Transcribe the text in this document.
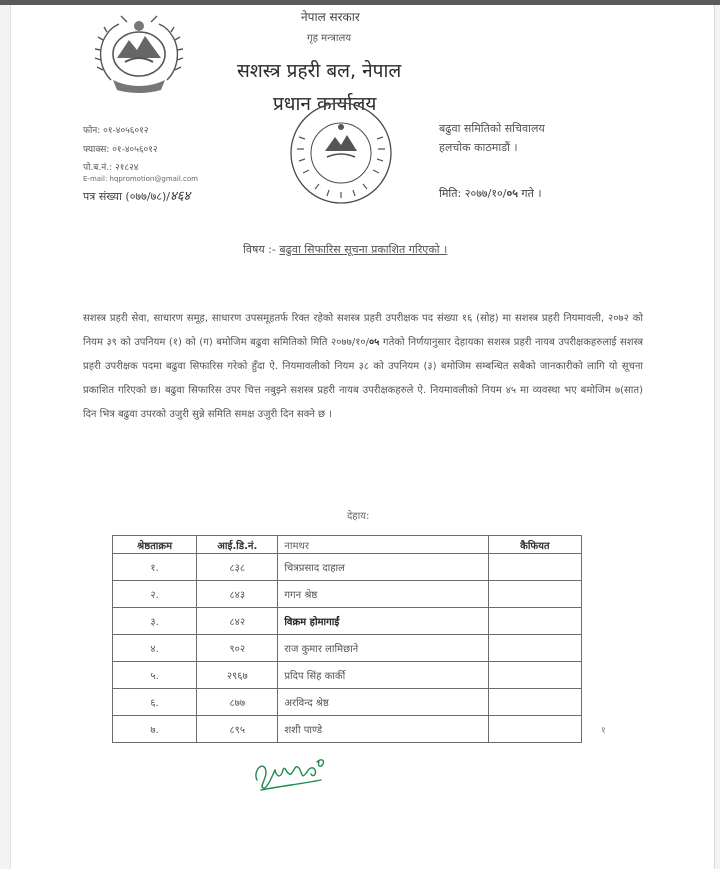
नेपाल सरकार
गृह मन्त्रालय
सशस्त्र प्रहरी बल, नेपाल
प्रधान कार्यालय
फोन: ०१-४०५६०१२
फ्याक्स: ०१-४०५६०१२
पो.ब.नं.: २१८२४
E-mail: hqpromotion@gmail.com
पत्र संख्या (०७७/७८)/४६४
बढुवा समितिको सचिवालय
हलचोक काठमाडौं ।
मिति: २०७७/१०/०५ गते ।
विषय :- बढुवा सिफारिस सूचना प्रकाशित गरिएको ।
सशस्त्र प्रहरी सेवा, साधारण समूह, साधारण उपसमूहतर्फ रिक्त रहेको सशस्त्र प्रहरी उपरीक्षक पद संख्या १६ (सोह) मा सशस्त्र प्रहरी नियमावली, २०७२ को नियम ३९ को उपनियम (१) को (ग) बमोजिम बढुवा समितिको मिति २०७७/१०/०५ गतेको निर्णयानुसार देहायका सशस्त्र प्रहरी नायब उपरीक्षकहरुलाई सशस्त्र प्रहरी उपरीक्षक पदमा बढुवा सिफारिस गरेको हुँदा ऐ. नियमावलीको नियम ३८ को उपनियम (३) बमोजिम सम्बन्धित सबैको जानकारीको लागि यो सूचना प्रकाशित गरिएको छ। बढुवा सिफारिस उपर चित्त नबुझ्ने सशस्त्र प्रहरी नायब उपरीक्षकहरुले ऐ. नियमावलीको नियम ४५ मा व्यवस्था भए बमोजिम ७(सात) दिन भित्र बढुवा उपरको उजुरी सुन्ने समिति समक्ष उजुरी दिन सक्ने छ ।
देहाय:
श्रेष्ठताक्रम	आई.डि.नं.	नामथर	कैफियत
१.	८३८	चित्रप्रसाद दाहाल	
२.	८४३	गगन श्रेष्ठ	
३.	८४२	विक्रम होमागाईं	
४.	९०२	राज कुमार लामिछाने	
५.	२९६७	प्रदिप सिंह कार्की	
६.	८७७	अरविन्द श्रेष्ठ	
७.	८९५	शशी पाण्डे		१
